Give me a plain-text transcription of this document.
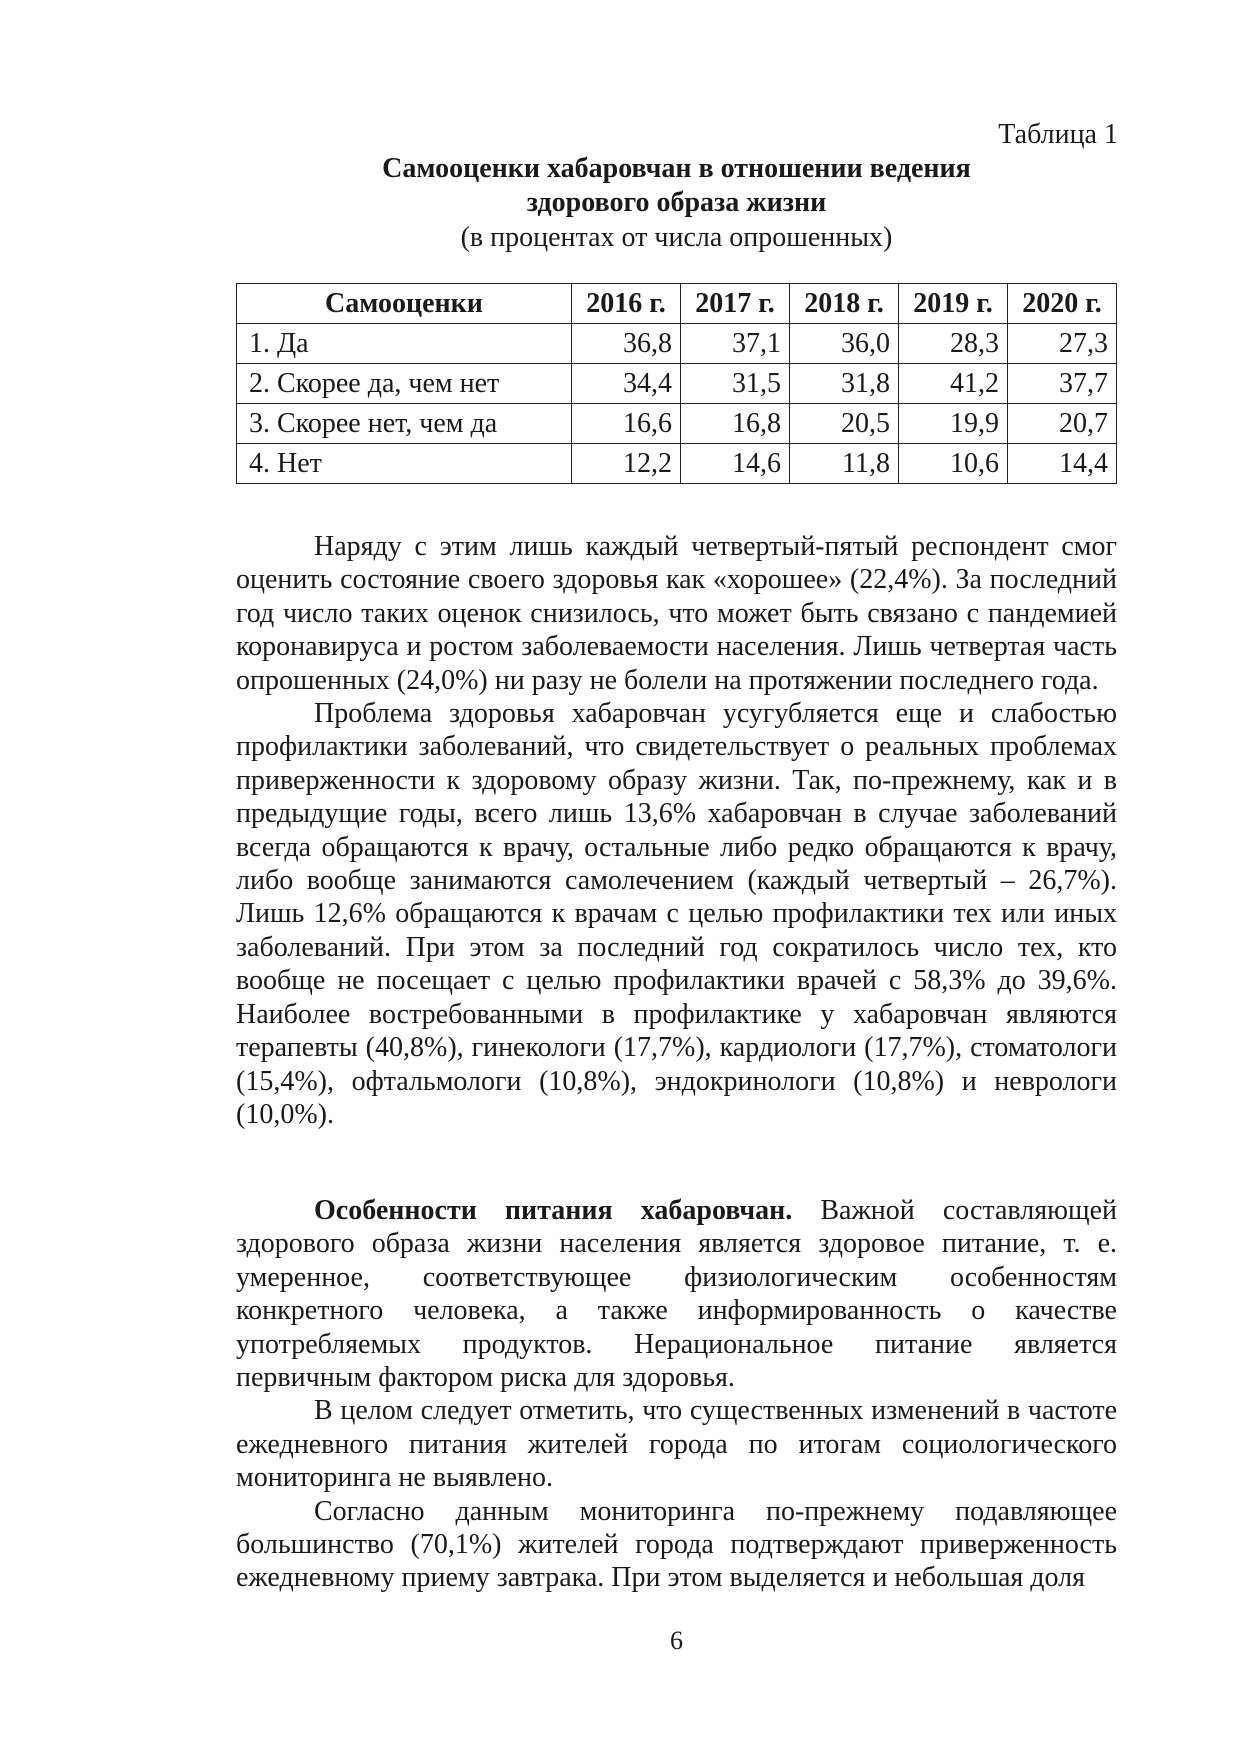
Таблица 1
Самооценки хабаровчан в отношении ведения
здорового образа жизни
(в процентах от числа опрошенных)
Самооценки	2016 г.	2017 г.	2018 г.	2019 г.	2020 г.
1. Да	36,8	37,1	36,0	28,3	27,3
2. Скорее да, чем нет	34,4	31,5	31,8	41,2	37,7
3. Скорее нет, чем да	16,6	16,8	20,5	19,9	20,7
4. Нет	12,2	14,6	11,8	10,6	14,4

Наряду с этим лишь каждый четвертый-пятый респондент смог оценить состояние своего здоровья как «хорошее» (22,4%). За последний год число таких оценок снизилось, что может быть связано с пандемией коронавируса и ростом заболеваемости населения. Лишь четвертая часть опрошенных (24,0%) ни разу не болели на протяжении последнего года.

Проблема здоровья хабаровчан усугубляется еще и слабостью профилактики заболеваний, что свидетельствует о реальных проблемах приверженности к здоровому образу жизни. Так, по-прежнему, как и в предыдущие годы, всего лишь 13,6% хабаровчан в случае заболеваний всегда обращаются к врачу, остальные либо редко обращаются к врачу, либо вообще занимаются самолечением (каждый четвертый – 26,7%). Лишь 12,6% обращаются к врачам с целью профилактики тех или иных заболеваний. При этом за последний год сократилось число тех, кто вообще не посещает с целью профилактики врачей с 58,3% до 39,6%. Наиболее востребованными в профилактике у хабаровчан являются терапевты (40,8%), гинекологи (17,7%), кардиологи (17,7%), стоматологи (15,4%), офтальмологи (10,8%), эндокринологи (10,8%) и неврологи (10,0%).

Особенности питания хабаровчан. Важной составляющей здорового образа жизни населения является здоровое питание, т. е. умеренное, соответствующее физиологическим особенностям конкретного человека, а также информированность о качестве употребляемых продуктов. Нерациональное питание является первичным фактором риска для здоровья.

В целом следует отметить, что существенных изменений в частоте ежедневного питания жителей города по итогам социологического мониторинга не выявлено.

Согласно данным мониторинга по-прежнему подавляющее большинство (70,1%) жителей города подтверждают приверженность ежедневному приему завтрака. При этом выделяется и небольшая доля

6
